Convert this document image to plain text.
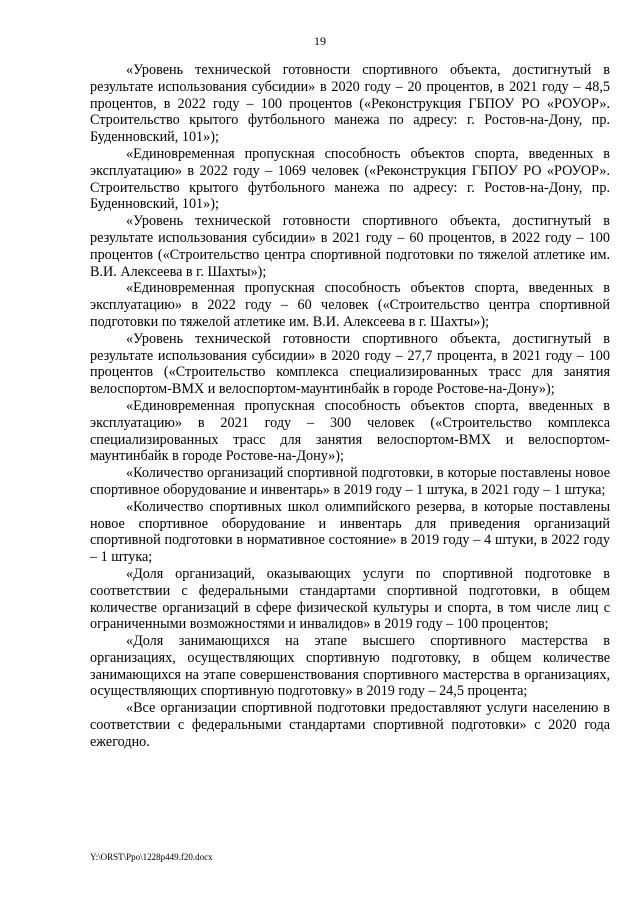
19

«Уровень технической готовности спортивного объекта, достигнутый в результате использования субсидии» в 2020 году – 20 процентов, в 2021 году – 48,5 процентов, в 2022 году – 100 процентов («Реконструкция ГБПОУ РО «РОУОР». Строительство крытого футбольного манежа по адресу: г. Ростов-на-Дону, пр. Буденновский, 101»);

«Единовременная пропускная способность объектов спорта, введенных в эксплуатацию» в 2022 году – 1069 человек («Реконструкция ГБПОУ РО «РОУОР». Строительство крытого футбольного манежа по адресу: г. Ростов-на-Дону, пр. Буденновский, 101»);

«Уровень технической готовности спортивного объекта, достигнутый в результате использования субсидии» в 2021 году – 60 процентов, в 2022 году – 100 процентов («Строительство центра спортивной подготовки по тяжелой атлетике им. В.И. Алексеева в г. Шахты»);

«Единовременная пропускная способность объектов спорта, введенных в эксплуатацию» в 2022 году – 60 человек («Строительство центра спортивной подготовки по тяжелой атлетике им. В.И. Алексеева в г. Шахты»);

«Уровень технической готовности спортивного объекта, достигнутый в результате использования субсидии» в 2020 году – 27,7 процента, в 2021 году – 100 процентов («Строительство комплекса специализированных трасс для занятия велоспортом-ВМХ и велоспортом-маунтинбайк в городе Ростове-на-Дону»);

«Единовременная пропускная способность объектов спорта, введенных в эксплуатацию» в 2021 году – 300 человек («Строительство комплекса специализированных трасс для занятия велоспортом-ВМХ и велоспортом-маунтинбайк в городе Ростове-на-Дону»);

«Количество организаций спортивной подготовки, в которые поставлены новое спортивное оборудование и инвентарь» в 2019 году – 1 штука, в 2021 году – 1 штука;

«Количество спортивных школ олимпийского резерва, в которые поставлены новое спортивное оборудование и инвентарь для приведения организаций спортивной подготовки в нормативное состояние» в 2019 году – 4 штуки, в 2022 году – 1 штука;

«Доля организаций, оказывающих услуги по спортивной подготовке в соответствии с федеральными стандартами спортивной подготовки, в общем количестве организаций в сфере физической культуры и спорта, в том числе лиц с ограниченными возможностями и инвалидов» в 2019 году – 100 процентов;

«Доля занимающихся на этапе высшего спортивного мастерства в организациях, осуществляющих спортивную подготовку, в общем количестве занимающихся на этапе совершенствования спортивного мастерства в организациях, осуществляющих спортивную подготовку» в 2019 году – 24,5 процента;

«Все организации спортивной подготовки предоставляют услуги населению в соответствии с федеральными стандартами спортивной подготовки» с 2020 года ежегодно.

Y:\ORST\Ppo\1228p449.f20.docx
